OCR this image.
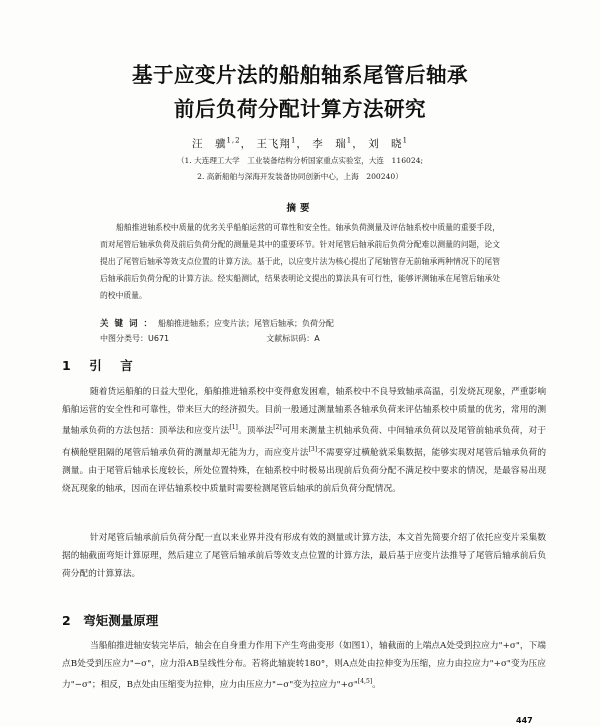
基于应变片法的船舶轴系尾管后轴承
前后负荷分配计算方法研究
汪　骥$^{1,2}$， 王飞翔$^1$， 李　瑞$^1$， 刘　晓$^1$
（1. 大连理工大学　工业装备结构分析国家重点实验室，大连　116024;
2. 高新船舶与深海开发装备协同创新中心，上海　200240）
摘要
船舶推进轴系校中质量的优劣关乎船舶运营的可靠性和安全性。轴承负荷测量及评估轴系校中质量的重要手段，而对尾管后轴承负荷及前后负荷分配的测量是其中的重要环节。针对尾管后轴承前后负荷分配难以测量的问题，论文提出了尾管后轴承等效支点位置的计算方法。基于此，以应变片法为核心提出了尾轴管存无前轴承两种情况下的尾管后轴承前后负荷分配的计算方法。经实船测试，结果表明论文提出的算法具有可行性，能够评测轴承在尾管后轴承处的校中质量。
关键词：船舶推进轴系；应变片法；尾管后轴承；负荷分配
中图分类号：U671	文献标识码：A
1　引　言
随着货运船舶的日益大型化，船舶推进轴系校中变得愈发困难，轴系校中不良导致轴承高温，引发烧瓦现象，严重影响船舶运营的安全性和可靠性，带来巨大的经济损失。目前一般通过测量轴系各轴承负荷来评估轴系校中质量的优劣，常用的测量轴承负荷的方法包括：顶举法和应变片法[1]。顶举法[2]可用来测量主机轴承负荷、中间轴承负荷以及尾管前轴承负荷，对于有横舱壁阻隔的尾管后轴承负荷的测量却无能为力，而应变片法[3]不需要穿过横舱就采集数据，能够实现对尾管后轴承负荷的测量。由于尾管后轴承长度较长，所处位置特殊，在轴系校中时极易出现前后负荷分配不满足校中要求的情况，是最容易出现烧瓦现象的轴承，因而在评估轴系校中质量时需要检测尾管后轴承的前后负荷分配情况。
针对尾管后轴承前后负荷分配一直以来业界并没有形成有效的测量或计算方法，本文首先简要介绍了依托应变片采集数据的轴截面弯矩计算原理，然后建立了尾管后轴承前后等效支点位置的计算方法，最后基于应变片法推导了尾管后轴承前后负荷分配的计算算法。
2　弯矩测量原理
当船舶推进轴安装完毕后，轴会在自身重力作用下产生弯曲变形（如图1），轴截面的上端点A处受到拉应力"+σ"，下端点B处受到压应力"−σ"，应力沿AB呈线性分布。若将此轴旋转180°，则A点处由拉伸变为压缩，应力由拉应力"+σ"变为压应力"−σ"；相反，B点处由压缩变为拉伸，应力由压应力"−σ"变为拉应力"+σ"[4,5]。
447
